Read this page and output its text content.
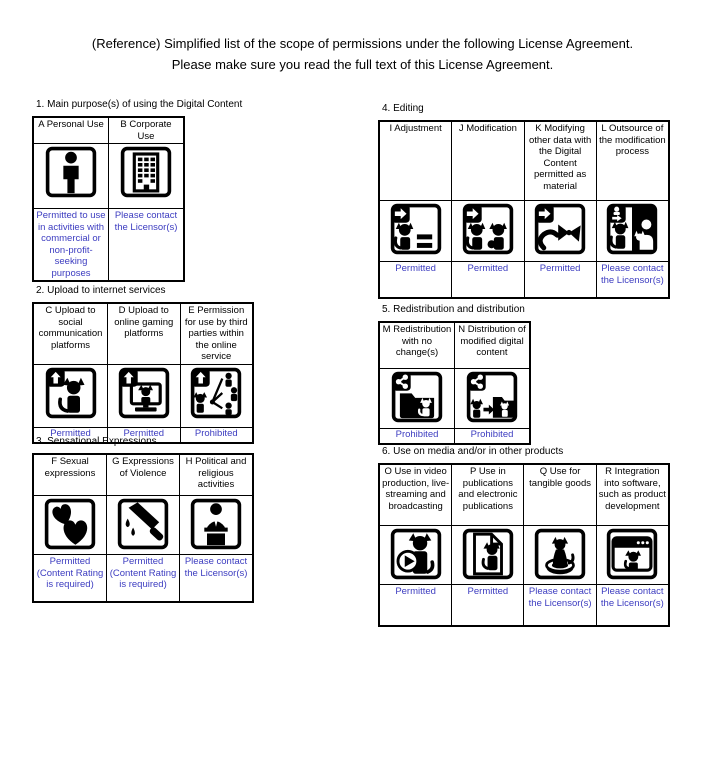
(Reference) Simplified list of the scope of permissions under the following License Agreement.
Please make sure you read the full text of this License Agreement.
1. Main purpose(s) of using the Digital Content
A Personal Use	B Corporate Use

Permitted to use in activities with commercial or non-profit-seeking purposes	Please contact the Licensor(s)
2. Upload to internet services
C Upload to social communication platforms	D Upload to online gaming platforms	E Permission for use by third parties within the online service

Permitted	Permitted	Prohibited
3. Sensational Expressions
F Sexual expressions	G Expressions of Violence	H Political and religious activities

Permitted (Content Rating is required)	Permitted (Content Rating is required)	Please contact the Licensor(s)
4. Editing
I Adjustment	J Modification	K Modifying other data with the Digital Content permitted as material	L Outsource of the modification process

Permitted	Permitted	Permitted	Please contact the Licensor(s)
5. Redistribution and distribution
M Redistribution with no change(s)	N Distribution of modified digital content

Prohibited	Prohibited
6. Use on media and/or in other products
O Use in video production, live-streaming and broadcasting	P Use in publications and electronic publications	Q Use for tangible goods	R Integration into software, such as product development

Permitted	Permitted	Please contact the Licensor(s)	Please contact the Licensor(s)
